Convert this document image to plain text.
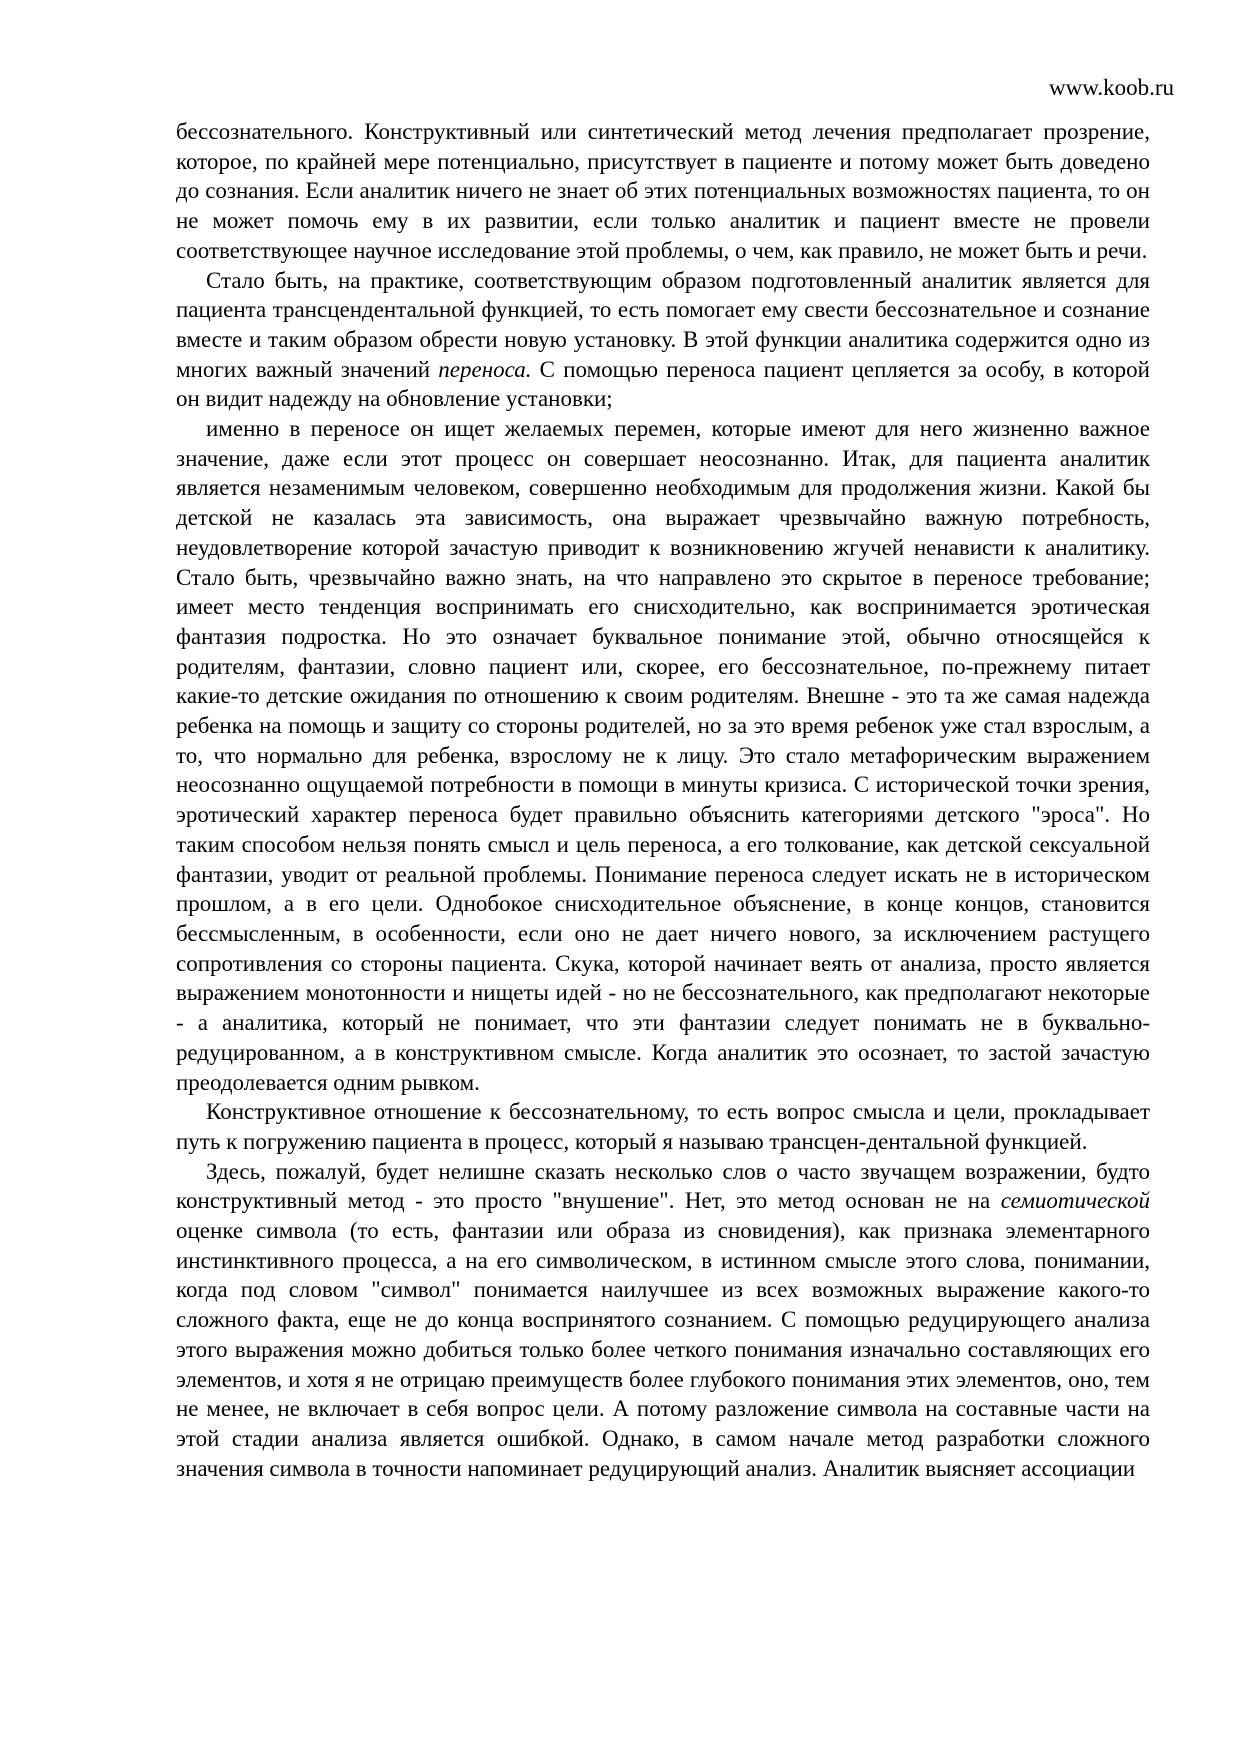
www.koob.ru

бессознательного. Конструктивный или синтетический метод лечения предполагает прозрение, которое, по крайней мере потенциально, присутствует в пациенте и потому может быть доведено до сознания. Если аналитик ничего не знает об этих потенциальных возможностях пациента, то он не может помочь ему в их развитии, если только аналитик и пациент вместе не провели соответствующее научное исследование этой проблемы, о чем, как правило, не может быть и речи.

Стало быть, на практике, соответствующим образом подготовленный аналитик является для пациента трансцендентальной функцией, то есть помогает ему свести бессознательное и сознание вместе и таким образом обрести новую установку. В этой функции аналитика содержится одно из многих важный значений переноса. С помощью переноса пациент цепляется за особу, в которой он видит надежду на обновление установки;

именно в переносе он ищет желаемых перемен, которые имеют для него жизненно важное значение, даже если этот процесс он совершает неосознанно. Итак, для пациента аналитик является незаменимым человеком, совершенно необходимым для продолжения жизни. Какой бы детской не казалась эта зависимость, она выражает чрезвычайно важную потребность, неудовлетворение которой зачастую приводит к возникновению жгучей ненависти к аналитику. Стало быть, чрезвычайно важно знать, на что направлено это скрытое в переносе требование; имеет место тенденция воспринимать его снисходительно, как воспринимается эротическая фантазия подростка. Но это означает буквальное понимание этой, обычно относящейся к родителям, фантазии, словно пациент или, скорее, его бессознательное, по-прежнему питает какие-то детские ожидания по отношению к своим родителям. Внешне - это та же самая надежда ребенка на помощь и защиту со стороны родителей, но за это время ребенок уже стал взрослым, а то, что нормально для ребенка, взрослому не к лицу. Это стало метафорическим выражением неосознанно ощущаемой потребности в помощи в минуты кризиса. С исторической точки зрения, эротический характер переноса будет правильно объяснить категориями детского "эроса". Но таким способом нельзя понять смысл и цель переноса, а его толкование, как детской сексуальной фантазии, уводит от реальной проблемы. Понимание переноса следует искать не в историческом прошлом, а в его цели. Однобокое снисходительное объяснение, в конце концов, становится бессмысленным, в особенности, если оно не дает ничего нового, за исключением растущего сопротивления со стороны пациента. Скука, которой начинает веять от анализа, просто является выражением монотонности и нищеты идей - но не бессознательного, как предполагают некоторые - а аналитика, который не понимает, что эти фантазии следует понимать не в буквально-редуцированном, а в конструктивном смысле. Когда аналитик это осознает, то застой зачастую преодолевается одним рывком.

Конструктивное отношение к бессознательному, то есть вопрос смысла и цели, прокладывает путь к погружению пациента в процесс, который я называю трансцен-дентальной функцией.

Здесь, пожалуй, будет нелишне сказать несколько слов о часто звучащем возражении, будто конструктивный метод - это просто "внушение". Нет, это метод основан не на семиотической оценке символа (то есть, фантазии или образа из сновидения), как признака элементарного инстинктивного процесса, а на его символическом, в истинном смысле этого слова, понимании, когда под словом "символ" понимается наилучшее из всех возможных выражение какого-то сложного факта, еще не до конца воспринятого сознанием. С помощью редуцирующего анализа этого выражения можно добиться только более четкого понимания изначально составляющих его элементов, и хотя я не отрицаю преимуществ более глубокого понимания этих элементов, оно, тем не менее, не включает в себя вопрос цели. А потому разложение символа на составные части на этой стадии анализа является ошибкой. Однако, в самом начале метод разработки сложного значения символа в точности напоминает редуцирующий анализ. Аналитик выясняет ассоциации
